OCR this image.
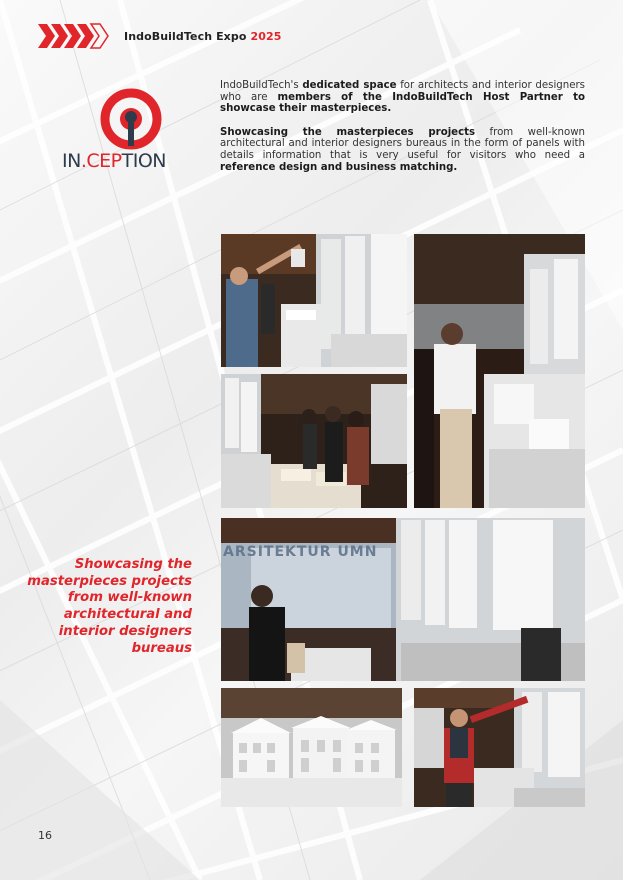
IndoBuildTech Expo 2025
IN.CEPTION

IndoBuildTech's dedicated space for architects and interior designers who are members of the IndoBuildTech Host Partner to showcase their masterpieces.

Showcasing the masterpieces projects from well-known architectural and interior designers bureaus in the form of panels with details information that is very useful for visitors who need a reference design and business matching.

ARSITEKTUR UMN
Showcasing the masterpieces projects from well-known architectural and interior designers bureaus
16
